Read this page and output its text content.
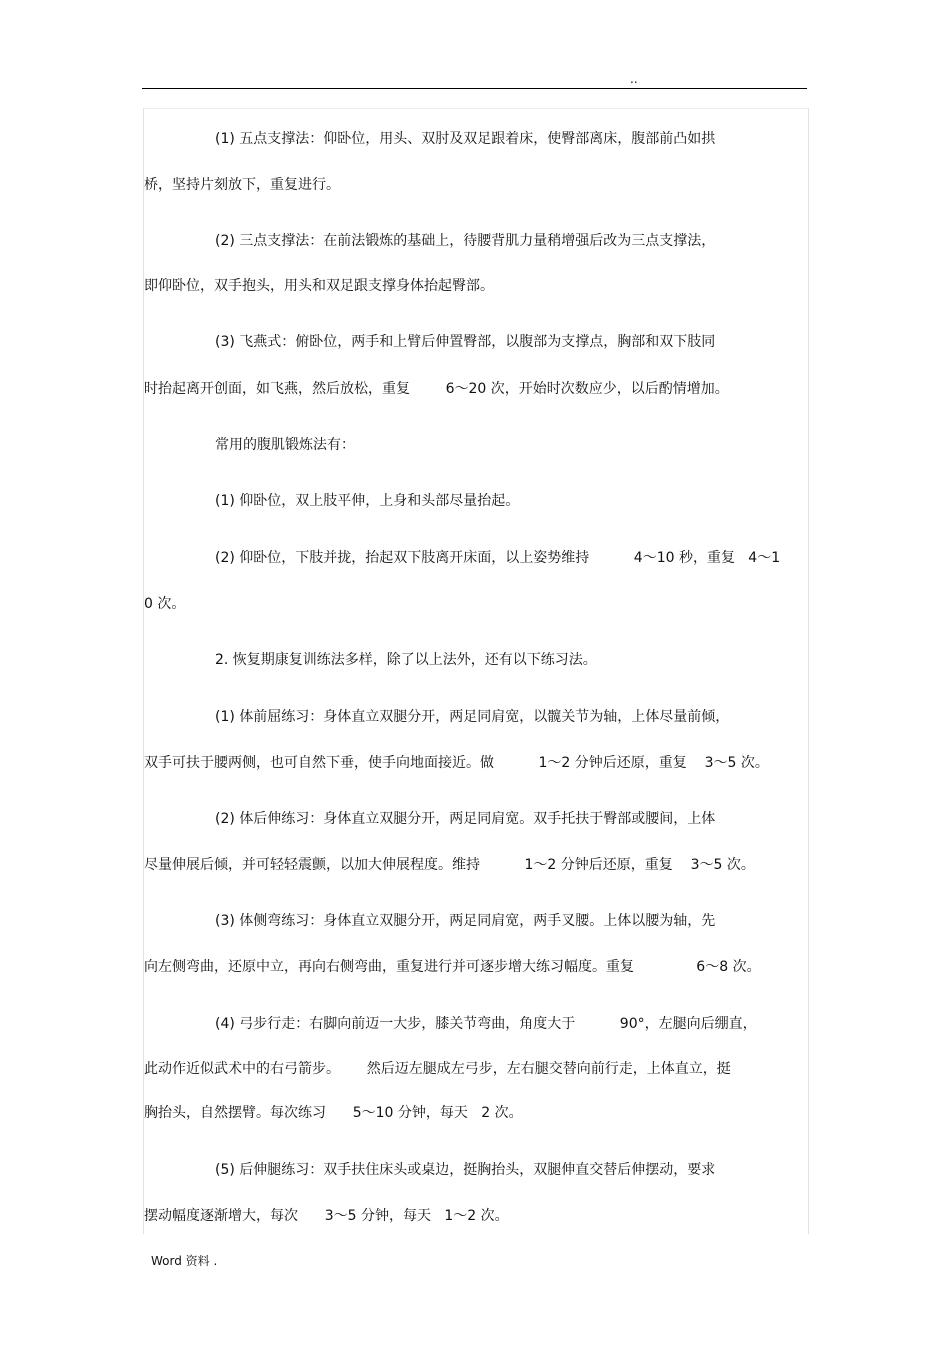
..
(1) 五点支撑法：仰卧位，用头、双肘及双足跟着床，使臀部离床，腹部前凸如拱
桥，坚持片刻放下，重复进行。
(2) 三点支撑法：在前法锻炼的基础上，待腰背肌力量稍增强后改为三点支撑法，
即仰卧位，双手抱头，用头和双足跟支撑身体抬起臀部。
(3) 飞燕式：俯卧位，两手和上臂后伸置臀部，以腹部为支撑点，胸部和双下肢同
时抬起离开创面，如飞燕，然后放松，重复        6～20 次，开始时次数应少，以后酌情增加。
常用的腹肌锻炼法有：
(1) 仰卧位，双上肢平伸，上身和头部尽量抬起。
(2) 仰卧位，下肢并拢，抬起双下肢离开床面，以上姿势维持          4～10 秒，重复   4～1
0 次。
2. 恢复期康复训练法多样，除了以上法外，还有以下练习法。
(1) 体前屈练习：身体直立双腿分开，两足同肩宽，以髋关节为轴，上体尽量前倾，
双手可扶于腰两侧，也可自然下垂，使手向地面接近。做          1～2 分钟后还原，重复    3～5 次。
(2) 体后伸练习：身体直立双腿分开，两足同肩宽。双手托扶于臀部或腰间，上体
尽量伸展后倾，并可轻轻震颤，以加大伸展程度。维持          1～2 分钟后还原，重复    3～5 次。
(3) 体侧弯练习：身体直立双腿分开，两足同肩宽，两手叉腰。上体以腰为轴，先
向左侧弯曲，还原中立，再向右侧弯曲，重复进行并可逐步增大练习幅度。重复              6～8 次。
(4) 弓步行走：右脚向前迈一大步，膝关节弯曲，角度大于          90°，左腿向后绷直，
此动作近似武术中的右弓箭步。      然后迈左腿成左弓步，左右腿交替向前行走，上体直立，挺
胸抬头，自然摆臂。每次练习      5～10 分钟，每天   2 次。
(5) 后伸腿练习：双手扶住床头或桌边，挺胸抬头，双腿伸直交替后伸摆动，要求
摆动幅度逐渐增大，每次      3～5 分钟，每天   1～2 次。
Word 资料 .
